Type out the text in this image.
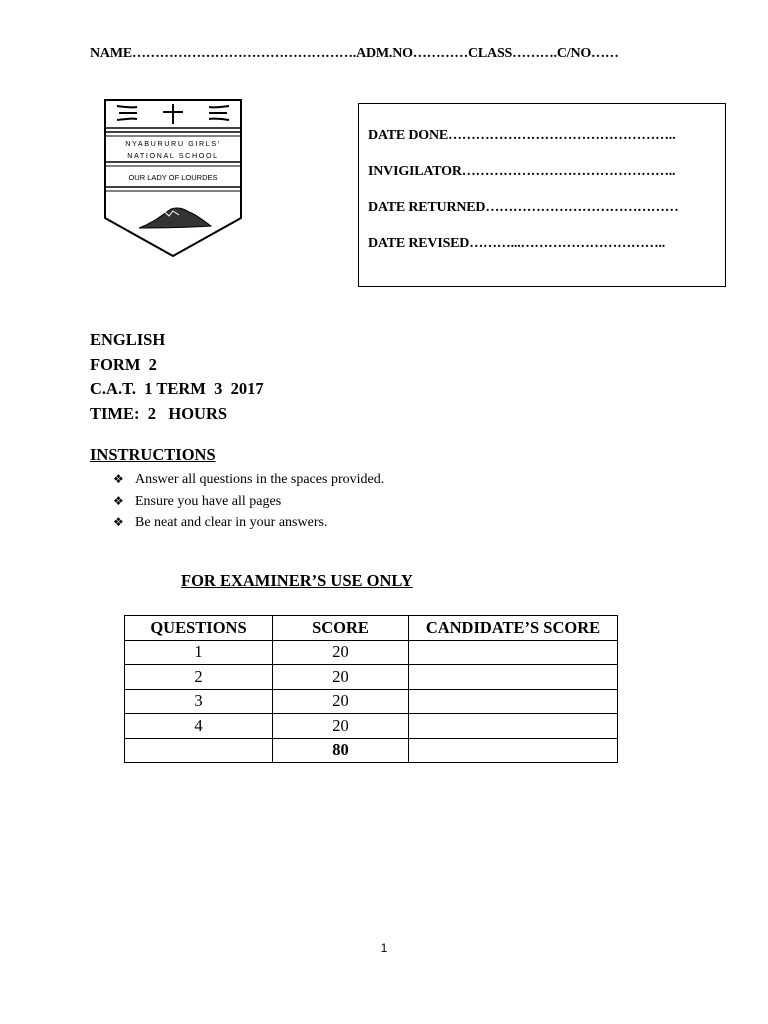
NAME………………………………………….ADM.NO…………CLASS……….C/NO……
NYABURURU GIRLS'
NATIONAL SCHOOL
OUR LADY OF LOURDES
DATE DONE…………………………………………..
INVIGILATOR………………………………………..
DATE RETURNED……………………………………
DATE REVISED………...…………………………..
ENGLISH
FORM  2
C.A.T.  1 TERM  3  2017
TIME:  2   HOURS
INSTRUCTIONS
❖ Answer all questions in the spaces provided.
❖ Ensure you have all pages
❖ Be neat and clear in your answers.
FOR EXAMINER’S USE ONLY
QUESTIONS	SCORE	CANDIDATE’S SCORE
1	20	
2	20	
3	20	
4	20	
	80	
1
